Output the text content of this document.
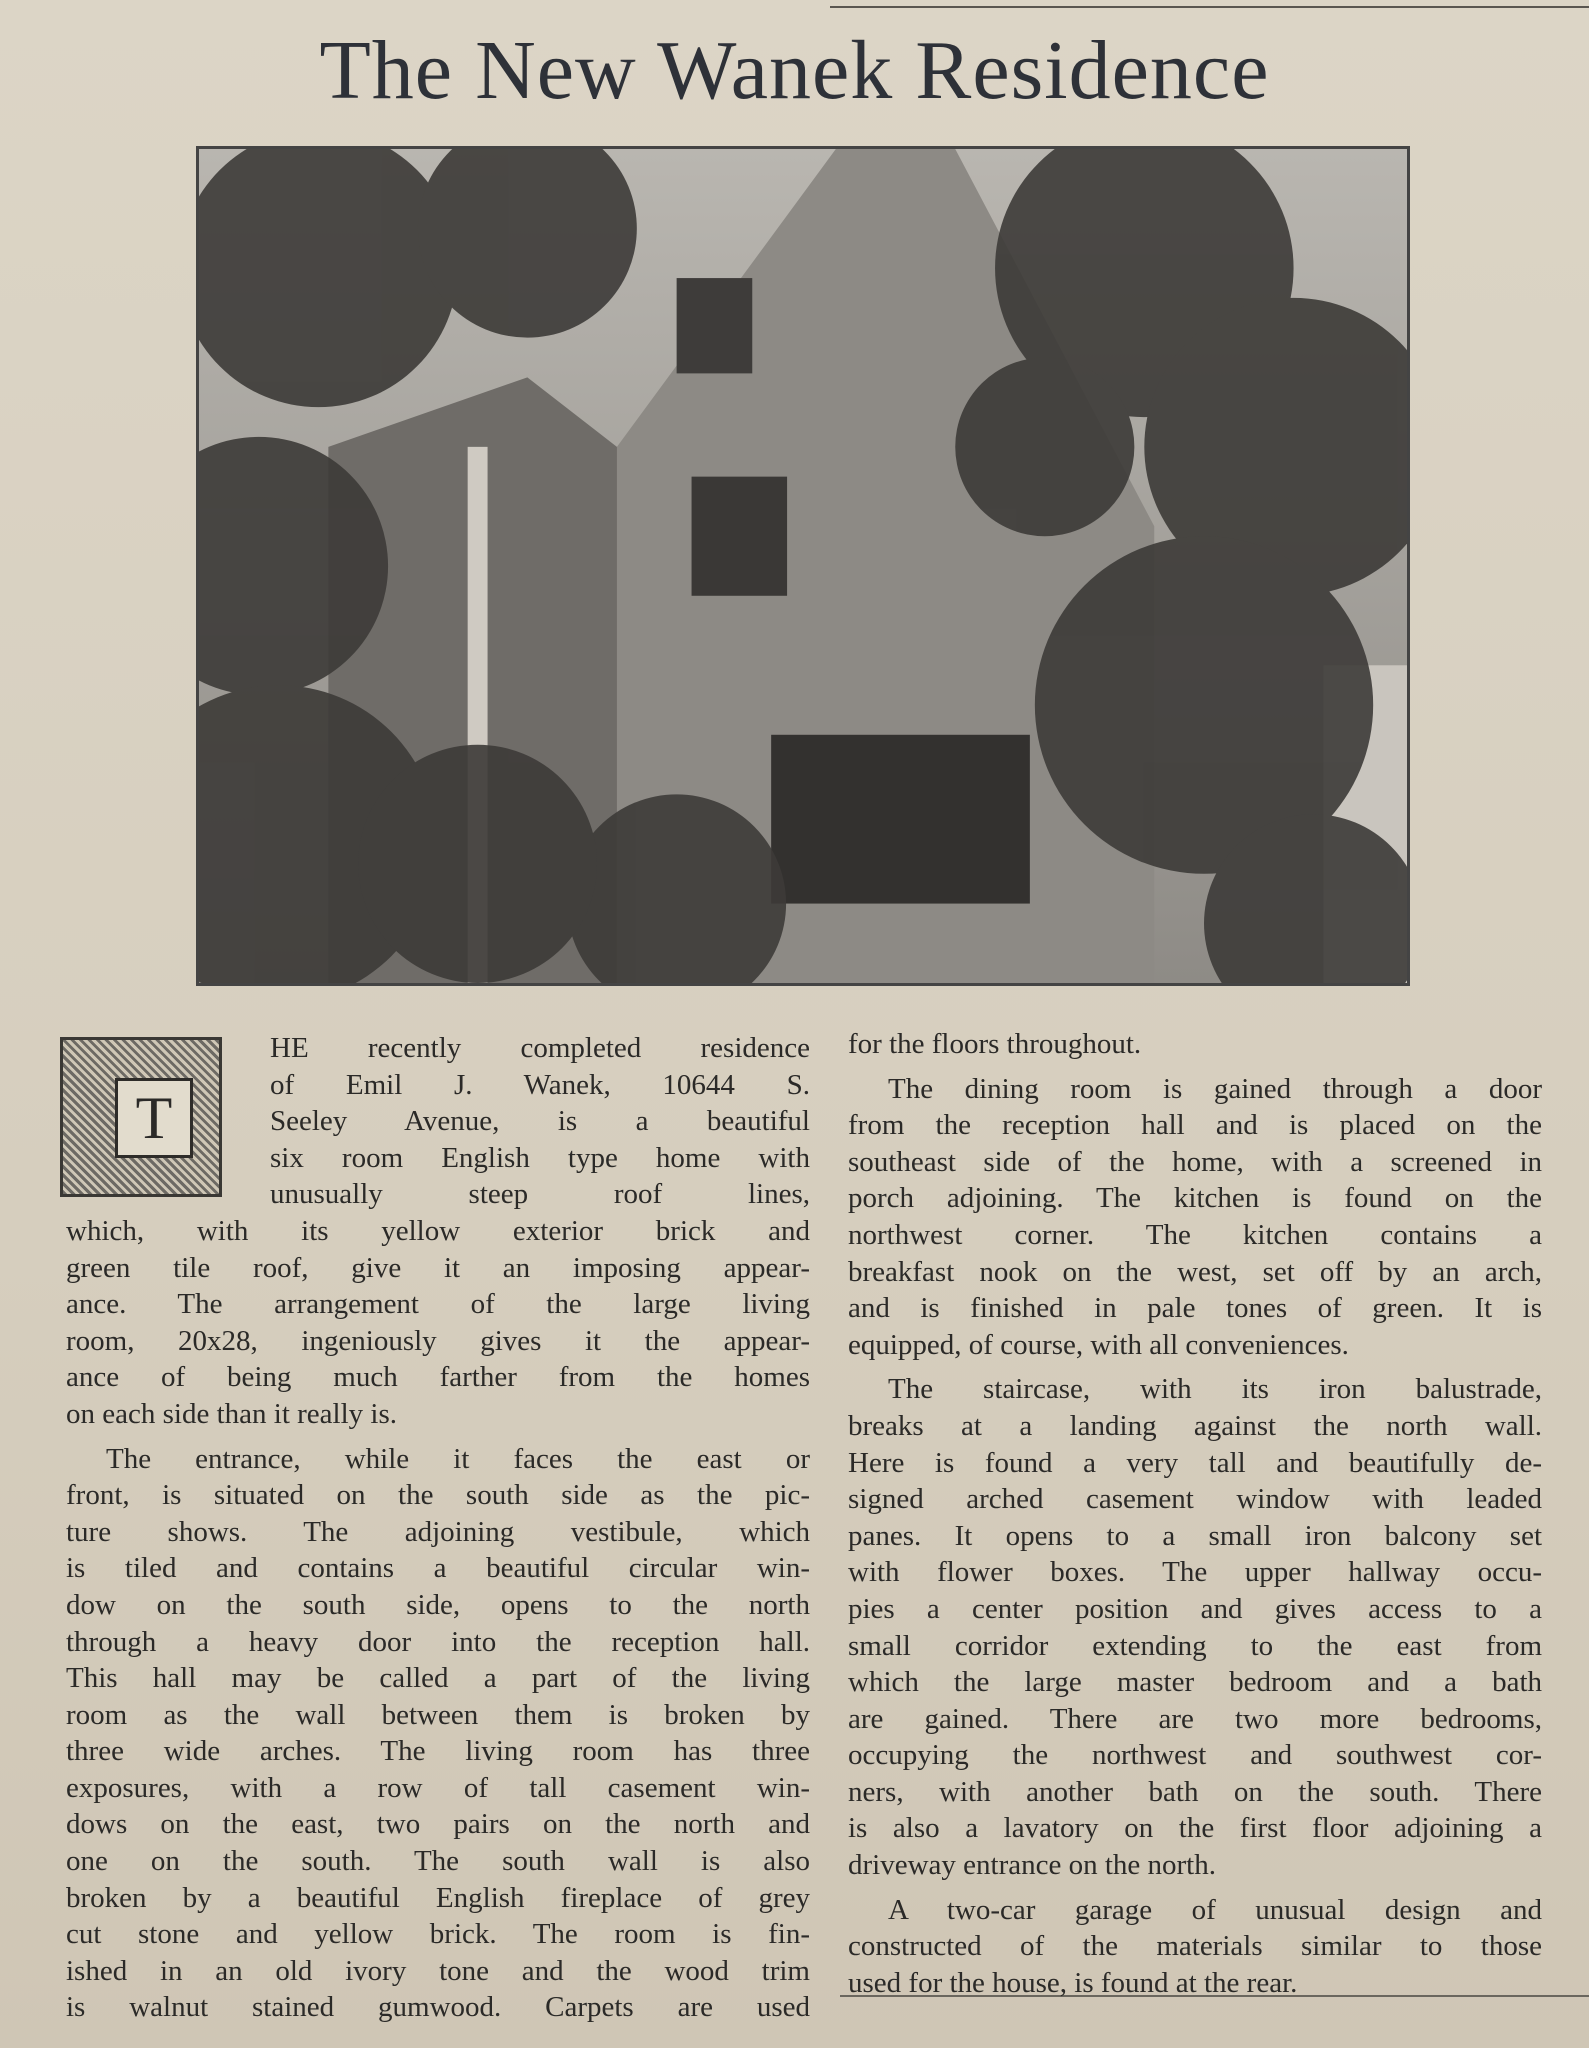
The New Wanek Residence
T
HE recently completed residence
of Emil J. Wanek, 10644 S.
Seeley Avenue, is a beautiful
six room English type home with
unusually steep roof lines,
which, with its yellow exterior brick and
green tile roof, give it an imposing appear-
ance. The arrangement of the large living
room, 20x28, ingeniously gives it the appear-
ance of being much farther from the homes
on each side than it really is.
The entrance, while it faces the east or
front, is situated on the south side as the pic-
ture shows. The adjoining vestibule, which
is tiled and contains a beautiful circular win-
dow on the south side, opens to the north
through a heavy door into the reception hall.
This hall may be called a part of the living
room as the wall between them is broken by
three wide arches. The living room has three
exposures, with a row of tall casement win-
dows on the east, two pairs on the north and
one on the south. The south wall is also
broken by a beautiful English fireplace of grey
cut stone and yellow brick. The room is fin-
ished in an old ivory tone and the wood trim
is walnut stained gumwood. Carpets are used
for the floors throughout.
The dining room is gained through a door
from the reception hall and is placed on the
southeast side of the home, with a screened in
porch adjoining. The kitchen is found on the
northwest corner. The kitchen contains a
breakfast nook on the west, set off by an arch,
and is finished in pale tones of green. It is
equipped, of course, with all conveniences.
The staircase, with its iron balustrade,
breaks at a landing against the north wall.
Here is found a very tall and beautifully de-
signed arched casement window with leaded
panes. It opens to a small iron balcony set
with flower boxes. The upper hallway occu-
pies a center position and gives access to a
small corridor extending to the east from
which the large master bedroom and a bath
are gained. There are two more bedrooms,
occupying the northwest and southwest cor-
ners, with another bath on the south. There
is also a lavatory on the first floor adjoining a
driveway entrance on the north.
A two-car garage of unusual design and
constructed of the materials similar to those
used for the house, is found at the rear.
